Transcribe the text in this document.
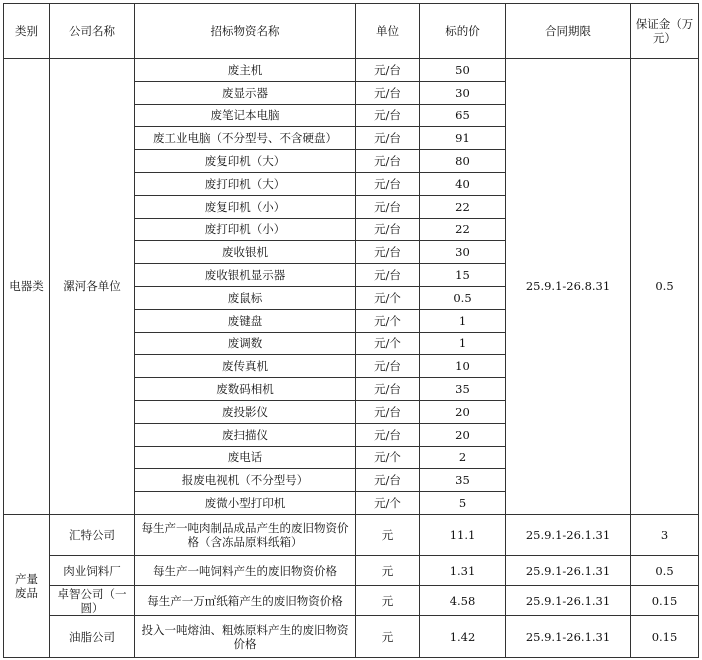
类别	公司名称	招标物资名称	单位	标的价	合同期限	保证金（万元）
电器类	漯河各单位	废主机	元/台	50	25.9.1-26.8.31	0.5
		废显示器	元/台	30		
		废笔记本电脑	元/台	65		
		废工业电脑（不分型号、不含硬盘）	元/台	91		
		废复印机（大）	元/台	80		
		废打印机（大）	元/台	40		
		废复印机（小）	元/台	22		
		废打印机（小）	元/台	22		
		废收银机	元/台	30		
		废收银机显示器	元/台	15		
		废鼠标	元/个	0.5		
		废键盘	元/个	1		
		废调数	元/个	1		
		废传真机	元/台	10		
		废数码相机	元/台	35		
		废投影仪	元/台	20		
		废扫描仪	元/台	20		
		废电话	元/个	2		
		报废电视机（不分型号）	元/台	35		
		废微小型打印机	元/个	5		
产量废品	汇特公司	每生产一吨肉制品成品产生的废旧物资价格（含冻品原料纸箱）	元	11.1	25.9.1-26.1.31	3
	肉业饲料厂	每生产一吨饲料产生的废旧物资价格	元	1.31	25.9.1-26.1.31	0.5
	卓智公司（一圆）	每生产一万㎡纸箱产生的废旧物资价格	元	4.58	25.9.1-26.1.31	0.15
	油脂公司	投入一吨熔油、粗炼原料产生的废旧物资价格	元	1.42	25.9.1-26.1.31	0.15
